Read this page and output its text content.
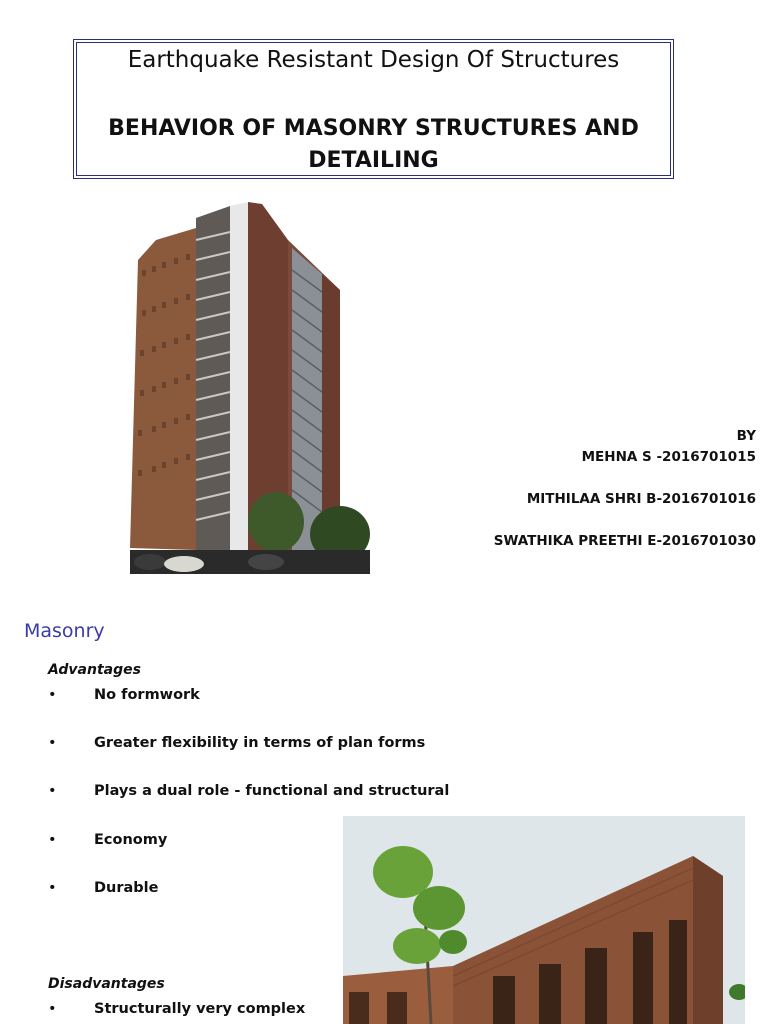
Earthquake Resistant Design Of Structures
BEHAVIOR OF MASONRY STRUCTURES AND
DETAILING
BY
MEHNA S -2016701015
MITHILAA SHRI B-2016701016
SWATHIKA PREETHI E-2016701030
Masonry
Advantages
•	No formwork
•	Greater flexibility in terms of plan forms
•	Plays a dual role - functional and structural
•	Economy
•	Durable
Disadvantages
•	Structurally very complex
